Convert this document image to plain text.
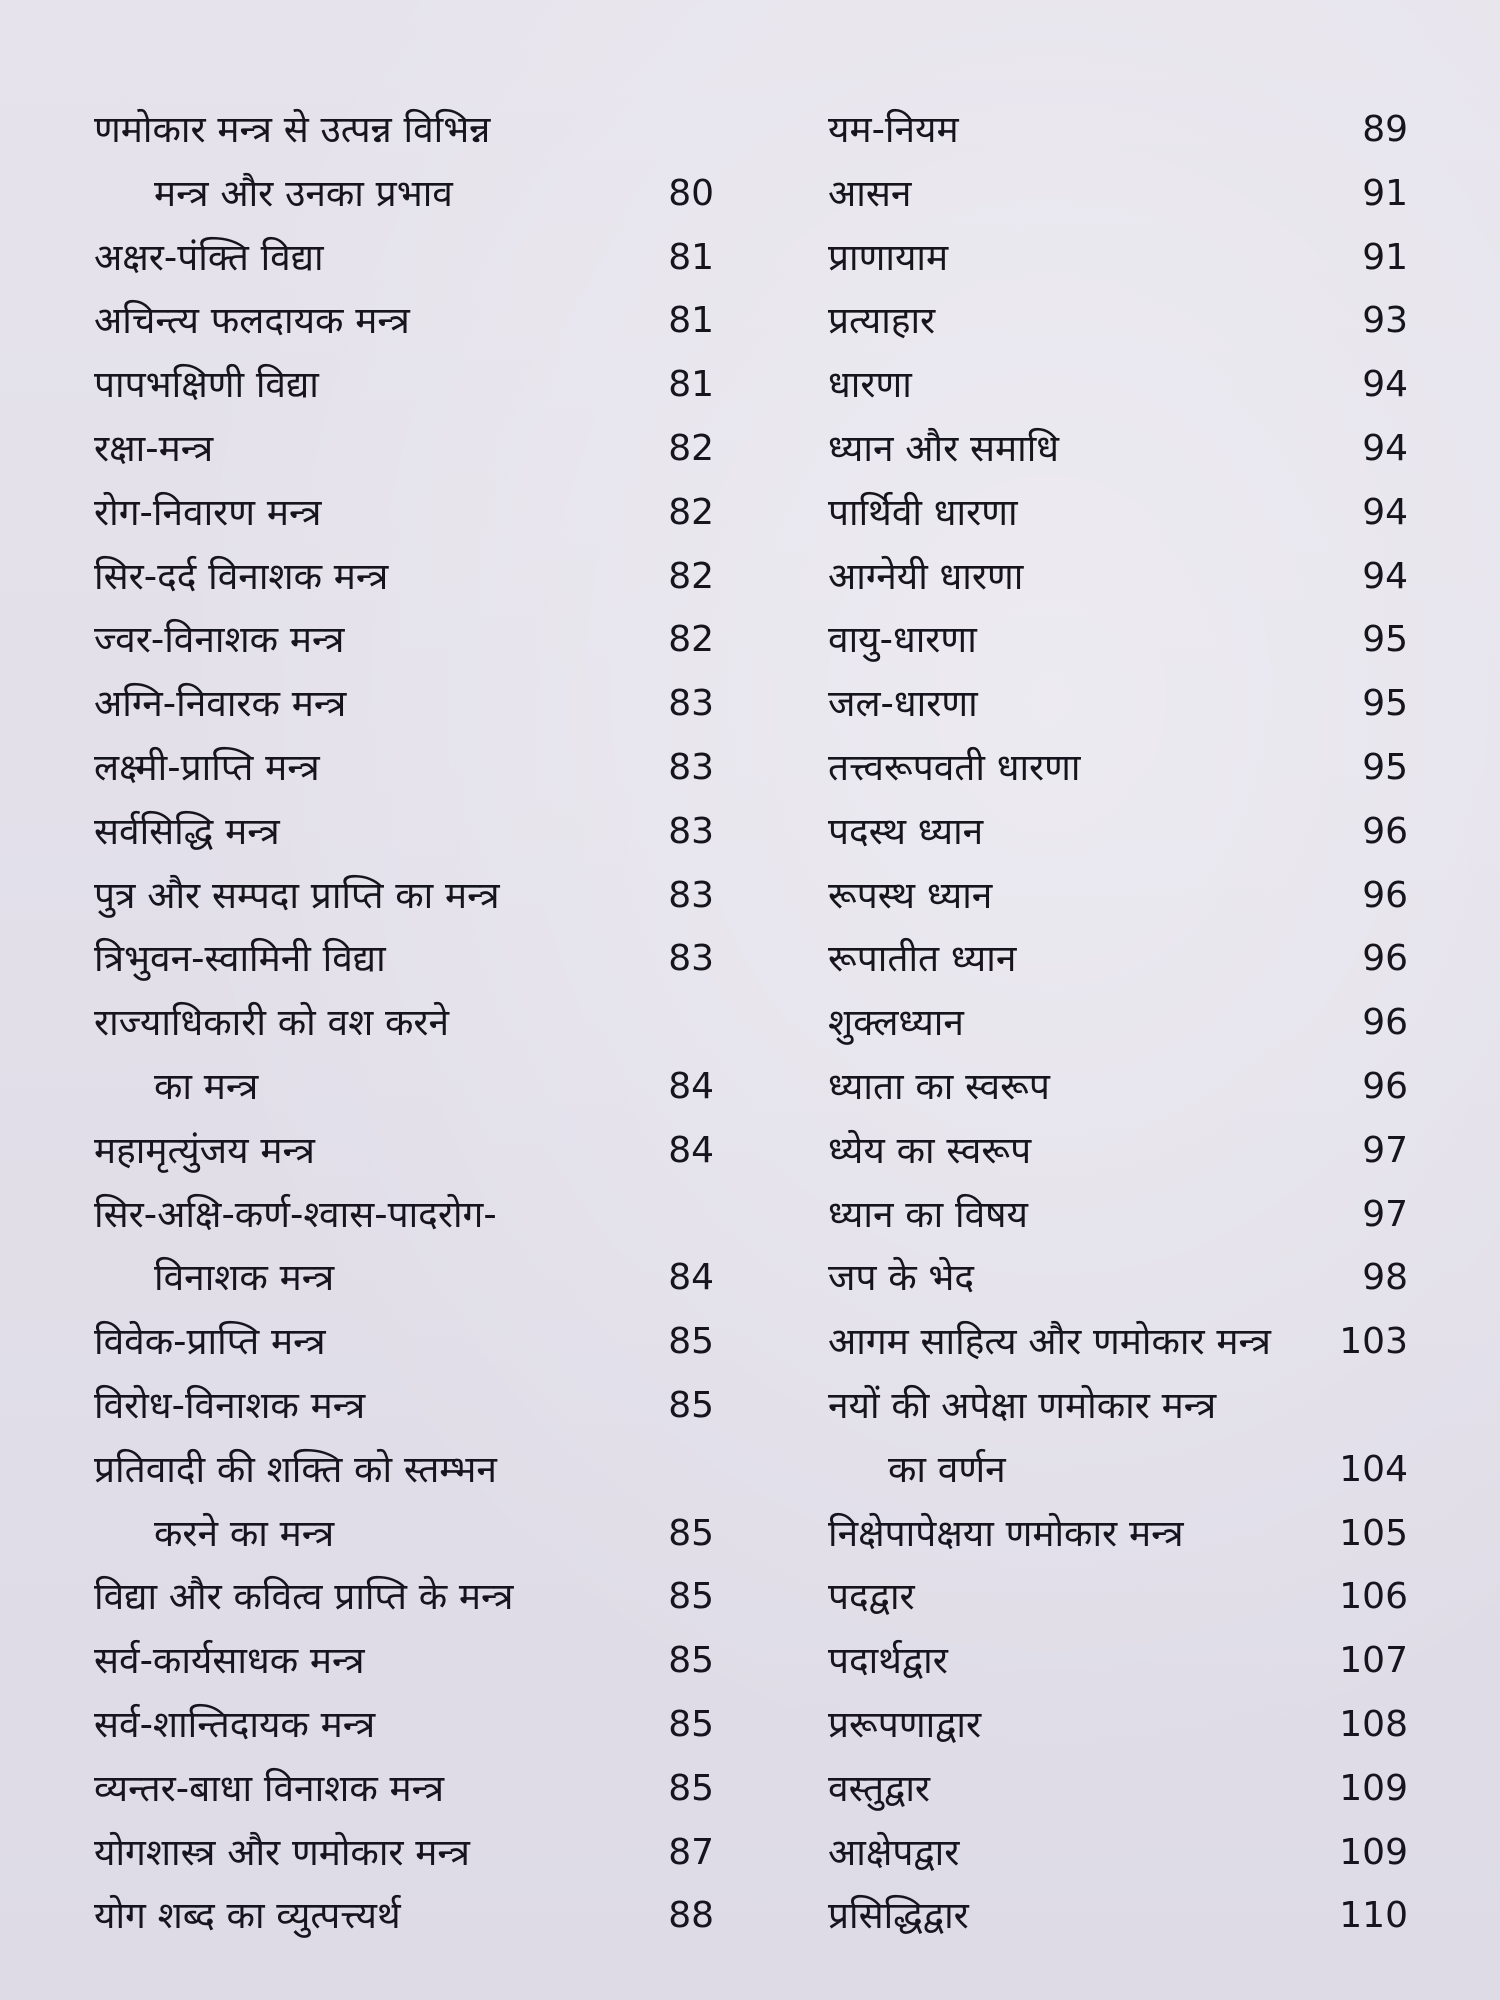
णमोकार मन्त्र से उत्पन्न विभिन्न
मन्त्र और उनका प्रभाव	80
अक्षर-पंक्ति विद्या	81
अचिन्त्य फलदायक मन्त्र	81
पापभक्षिणी विद्या	81
रक्षा-मन्त्र	82
रोग-निवारण मन्त्र	82
सिर-दर्द विनाशक मन्त्र	82
ज्वर-विनाशक मन्त्र	82
अग्नि-निवारक मन्त्र	83
लक्ष्मी-प्राप्ति मन्त्र	83
सर्वसिद्धि मन्त्र	83
पुत्र और सम्पदा प्राप्ति का मन्त्र	83
त्रिभुवन-स्वामिनी विद्या	83
राज्याधिकारी को वश करने
का मन्त्र	84
महामृत्युंजय मन्त्र	84
सिर-अक्षि-कर्ण-श्वास-पादरोग-
विनाशक मन्त्र	84
विवेक-प्राप्ति मन्त्र	85
विरोध-विनाशक मन्त्र	85
प्रतिवादी की शक्ति को स्तम्भन
करने का मन्त्र	85
विद्या और कवित्व प्राप्ति के मन्त्र	85
सर्व-कार्यसाधक मन्त्र	85
सर्व-शान्तिदायक मन्त्र	85
व्यन्तर-बाधा विनाशक मन्त्र	85
योगशास्त्र और णमोकार मन्त्र	87
योग शब्द का व्युत्पत्त्यर्थ	88
यम-नियम	89
आसन	91
प्राणायाम	91
प्रत्याहार	93
धारणा	94
ध्यान और समाधि	94
पार्थिवी धारणा	94
आग्नेयी धारणा	94
वायु-धारणा	95
जल-धारणा	95
तत्त्वरूपवती धारणा	95
पदस्थ ध्यान	96
रूपस्थ ध्यान	96
रूपातीत ध्यान	96
शुक्लध्यान	96
ध्याता का स्वरूप	96
ध्येय का स्वरूप	97
ध्यान का विषय	97
जप के भेद	98
आगम साहित्य और णमोकार मन्त्र 103
नयों की अपेक्षा णमोकार मन्त्र
का वर्णन	104
निक्षेपापेक्षया णमोकार मन्त्र	105
पदद्वार	106
पदार्थद्वार	107
प्ररूपणाद्वार	108
वस्तुद्वार	109
आक्षेपद्वार	109
प्रसिद्धिद्वार	110
